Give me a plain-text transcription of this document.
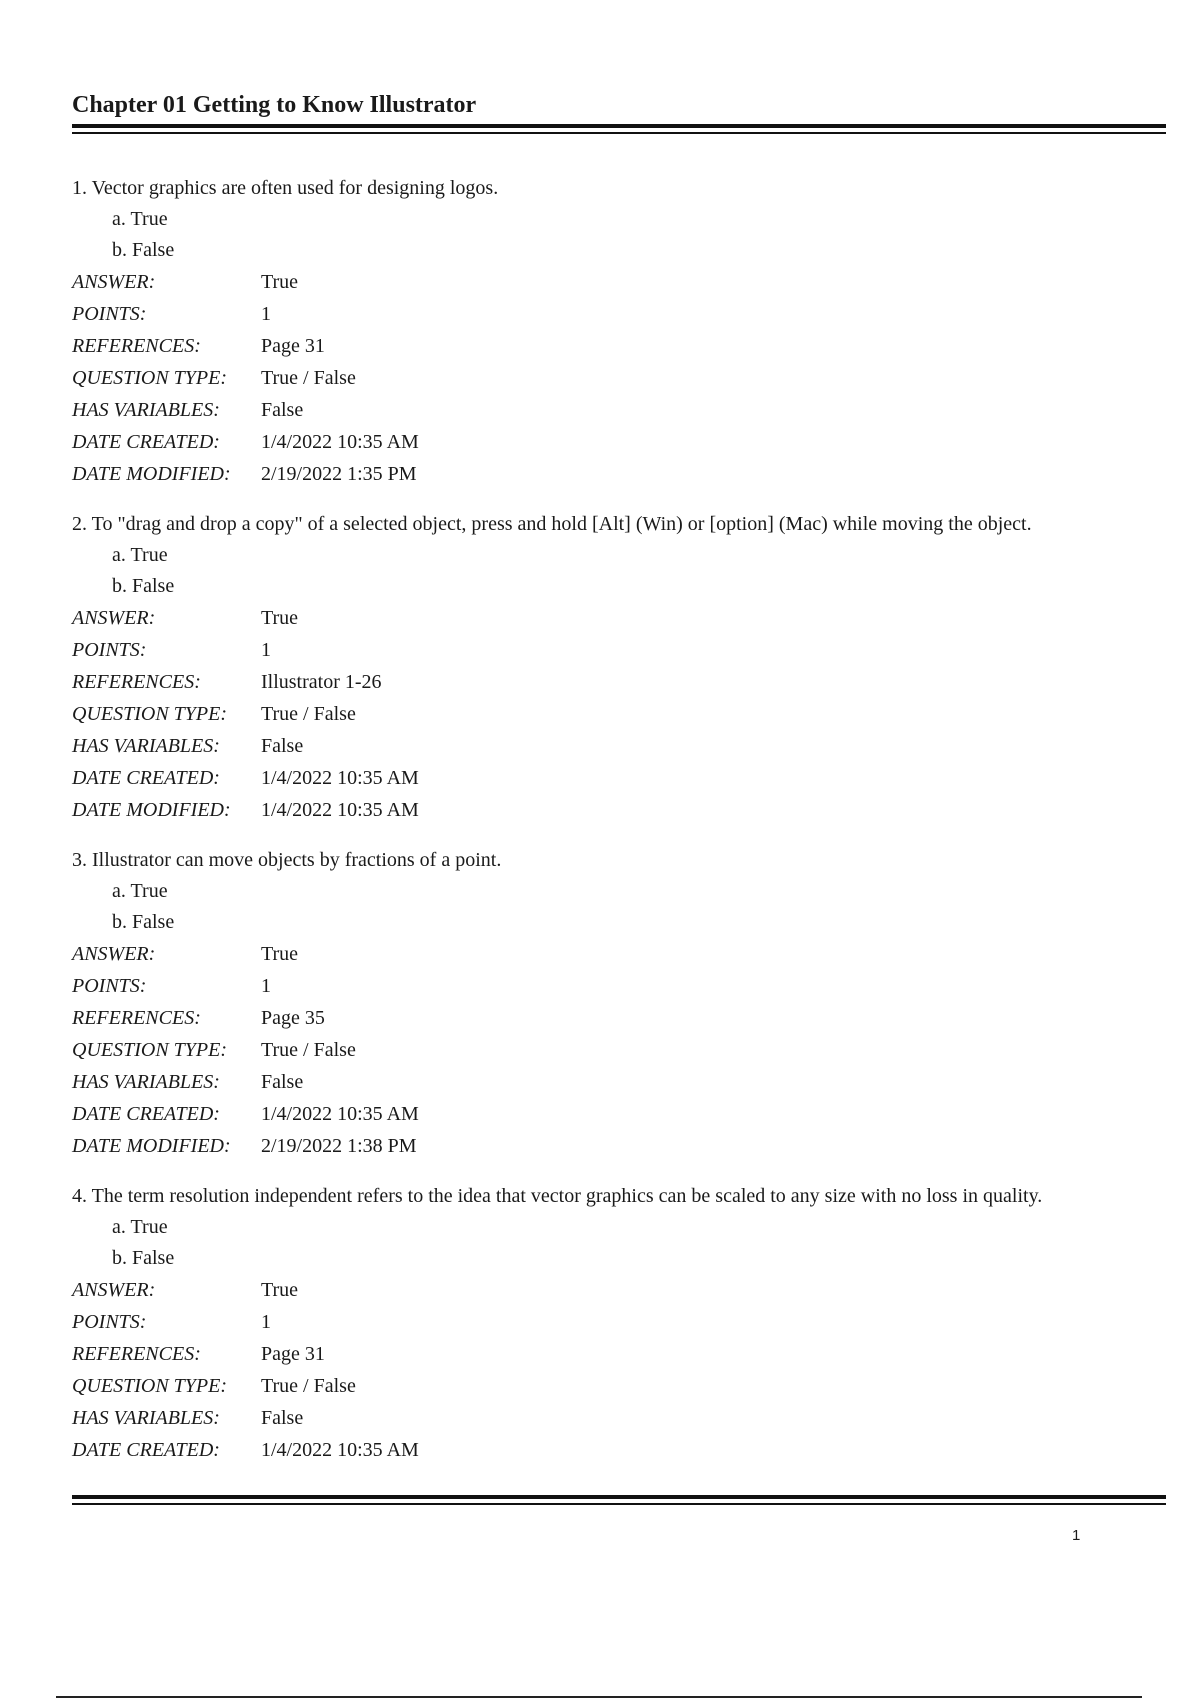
Chapter 01 Getting to Know Illustrator
1. Vector graphics are often used for designing logos.
a. True
b. False
ANSWER:	True
POINTS:	1
REFERENCES:	Page 31
QUESTION TYPE:	True / False
HAS VARIABLES:	False
DATE CREATED:	1/4/2022 10:35 AM
DATE MODIFIED:	2/19/2022 1:35 PM
2. To "drag and drop a copy" of a selected object, press and hold [Alt] (Win) or [option] (Mac) while moving the object.
a. True
b. False
ANSWER:	True
POINTS:	1
REFERENCES:	Illustrator 1-26
QUESTION TYPE:	True / False
HAS VARIABLES:	False
DATE CREATED:	1/4/2022 10:35 AM
DATE MODIFIED:	1/4/2022 10:35 AM
3. Illustrator can move objects by fractions of a point.
a. True
b. False
ANSWER:	True
POINTS:	1
REFERENCES:	Page 35
QUESTION TYPE:	True / False
HAS VARIABLES:	False
DATE CREATED:	1/4/2022 10:35 AM
DATE MODIFIED:	2/19/2022 1:38 PM
4. The term resolution independent refers to the idea that vector graphics can be scaled to any size with no loss in quality.
a. True
b. False
ANSWER:	True
POINTS:	1
REFERENCES:	Page 31
QUESTION TYPE:	True / False
HAS VARIABLES:	False
DATE CREATED:	1/4/2022 10:35 AM
1
